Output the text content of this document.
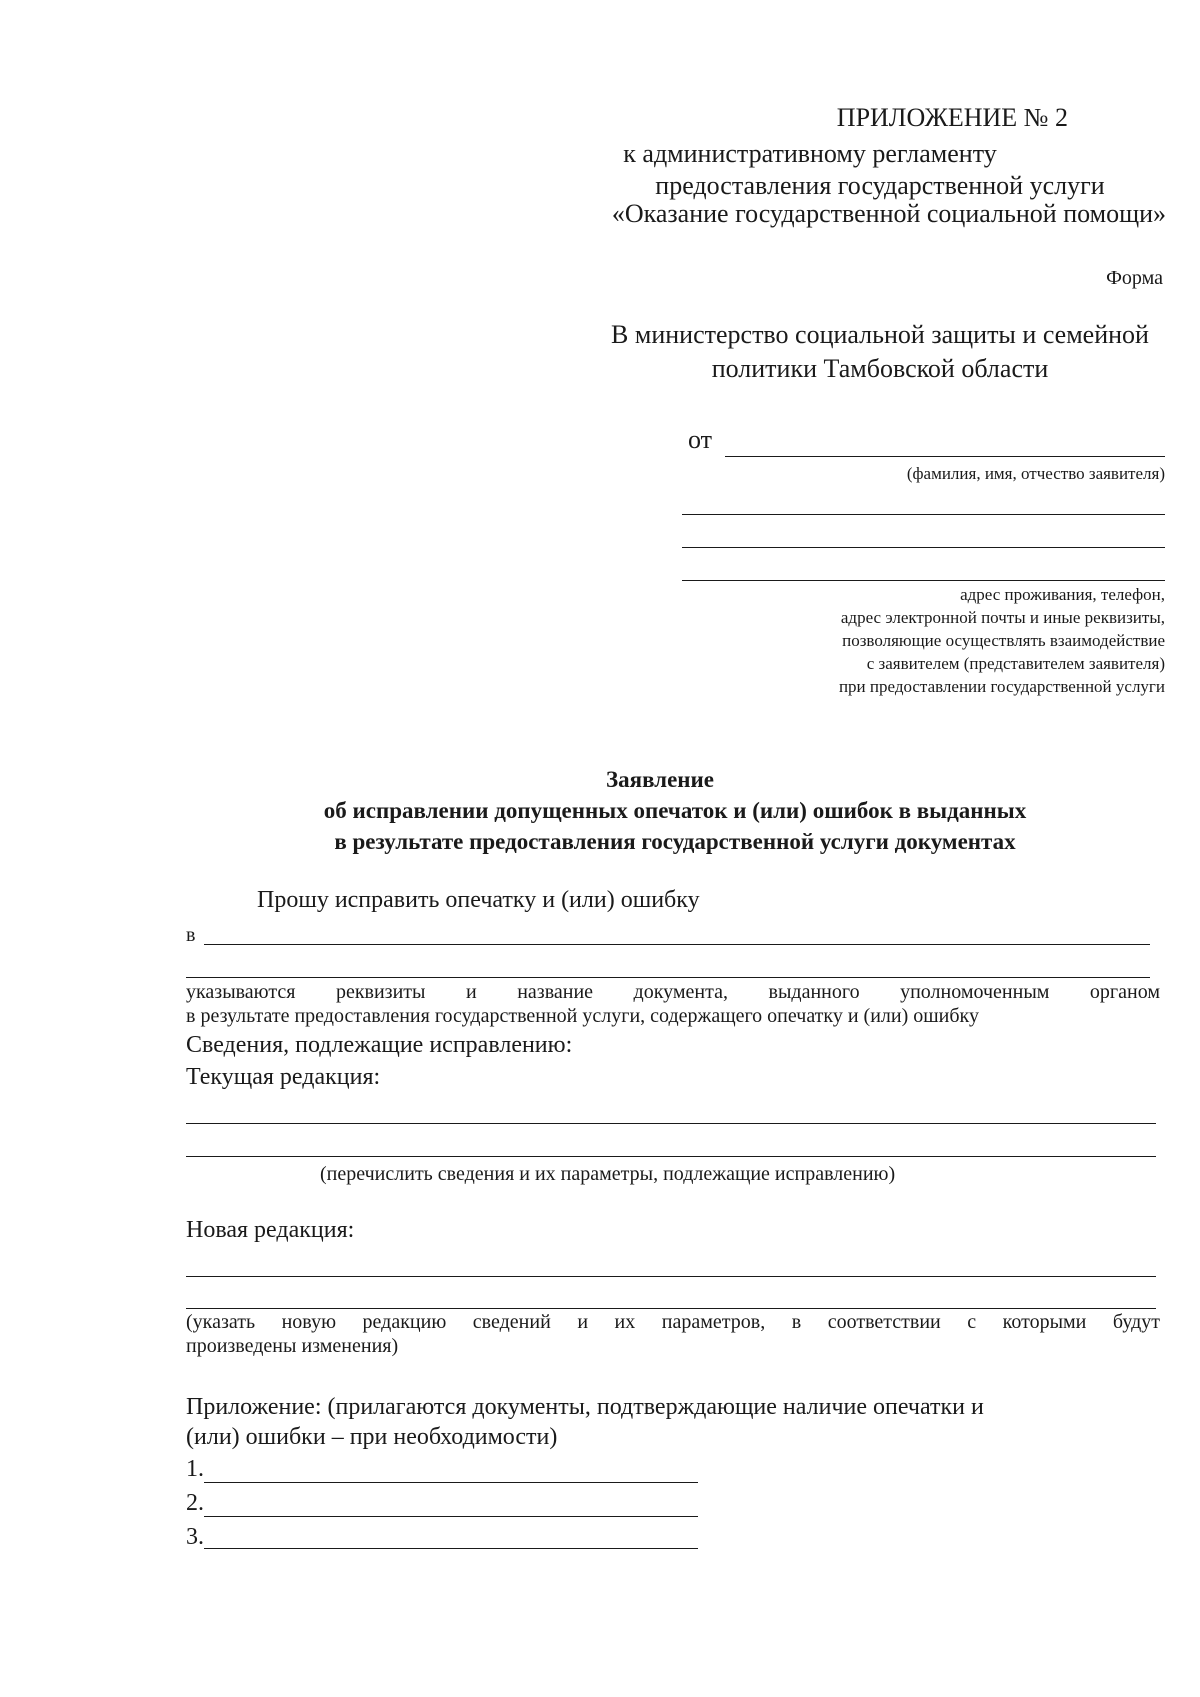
ПРИЛОЖЕНИЕ № 2
к административному регламенту
предоставления государственной услуги
«Оказание государственной социальной помощи»
Форма
В министерство социальной защиты и семейной
политики Тамбовской области
от
(фамилия, имя, отчество заявителя)
адрес проживания, телефон,
адрес электронной почты и иные реквизиты,
позволяющие осуществлять взаимодействие
с заявителем (представителем заявителя)
при предоставлении государственной услуги
Заявление
об исправлении допущенных опечаток и (или) ошибок в выданных
в результате предоставления государственной услуги документах
Прошу исправить опечатку и (или) ошибку
в
указываются реквизиты и название документа, выданного уполномоченным органом
в результате предоставления государственной услуги, содержащего опечатку и (или) ошибку
Сведения, подлежащие исправлению:
Текущая редакция:
(перечислить сведения и их параметры, подлежащие исправлению)
Новая редакция:
(указать новую редакцию сведений и их параметров, в соответствии с которыми будут
произведены изменения)
Приложение: (прилагаются документы, подтверждающие наличие опечатки и
(или) ошибки – при необходимости)
1.
2.
3.
